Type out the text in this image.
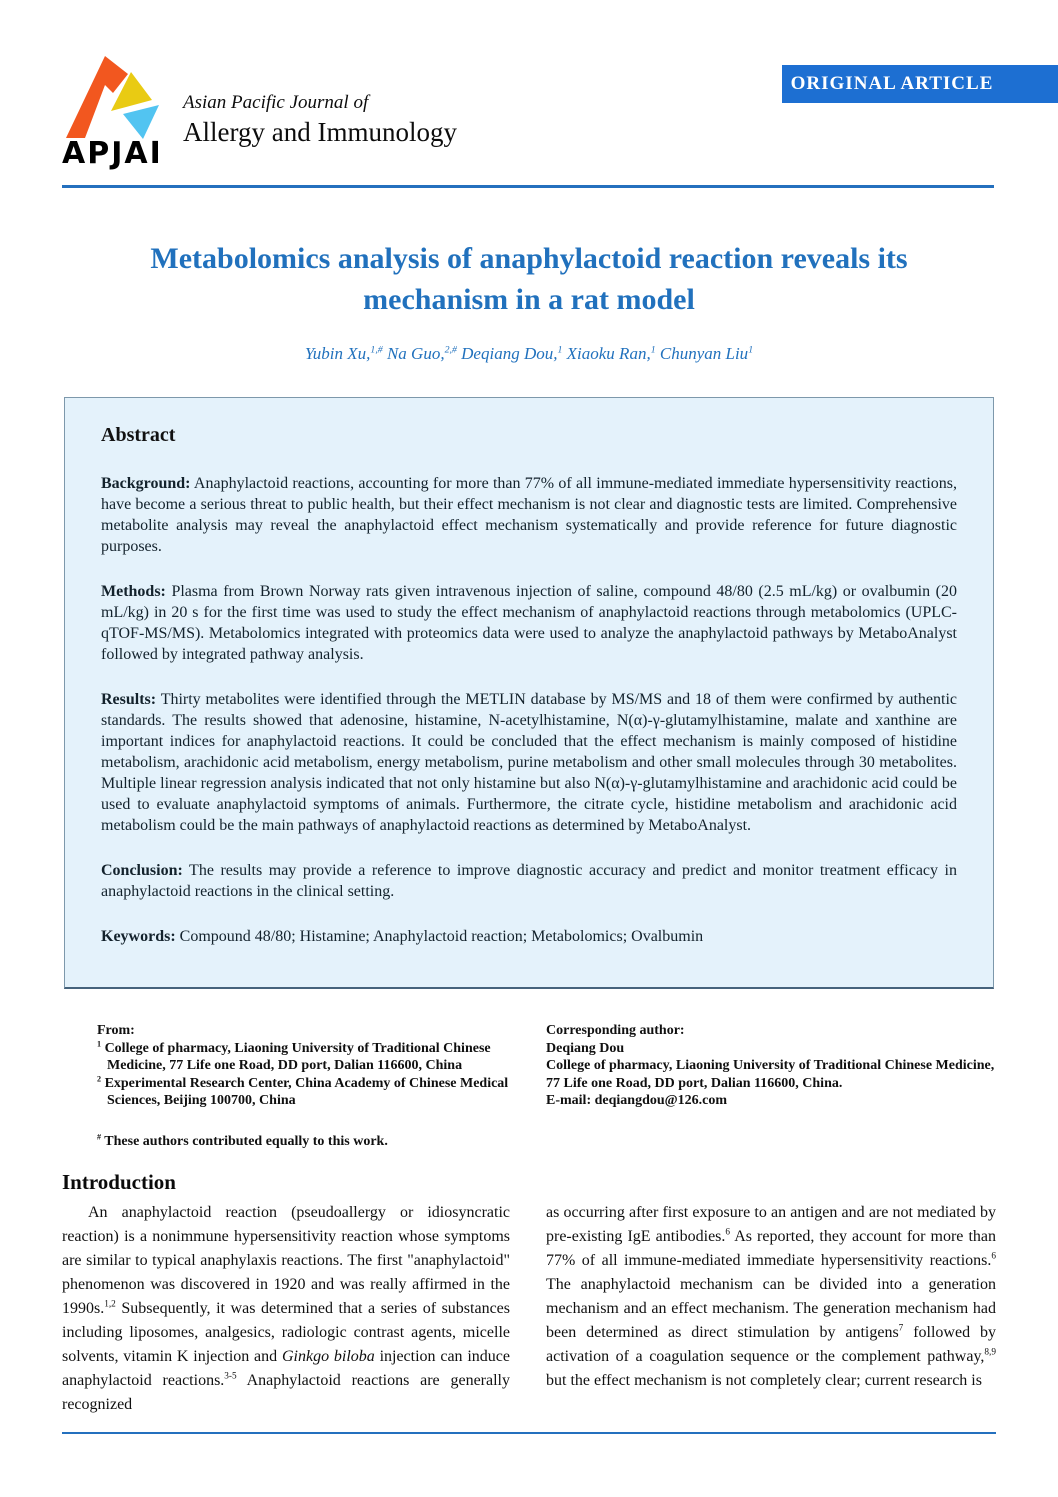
APJAI
Asian Pacific Journal of
Allergy and Immunology
ORIGINAL ARTICLE
Metabolomics analysis of anaphylactoid reaction reveals its mechanism in a rat model
Yubin Xu,$^{1,\#}$ Na Guo,$^{2,\#}$ Deqiang Dou,$^1$ Xiaoku Ran,$^1$ Chunyan Liu$^1$
Abstract

Background: Anaphylactoid reactions, accounting for more than 77% of all immune-mediated immediate hypersensitivity reactions, have become a serious threat to public health, but their effect mechanism is not clear and diagnostic tests are limited. Comprehensive metabolite analysis may reveal the anaphylactoid effect mechanism systematically and provide reference for future diagnostic purposes.

Methods: Plasma from Brown Norway rats given intravenous injection of saline, compound 48/80 (2.5 mL/kg) or ovalbumin (20 mL/kg) in 20 s for the first time was used to study the effect mechanism of anaphylactoid reactions through metabolomics (UPLC-qTOF-MS/MS). Metabolomics integrated with proteomics data were used to analyze the anaphylactoid pathways by MetaboAnalyst followed by integrated pathway analysis.

Results: Thirty metabolites were identified through the METLIN database by MS/MS and 18 of them were confirmed by authentic standards. The results showed that adenosine, histamine, N-acetylhistamine, N(α)-γ-glutamylhistamine, malate and xanthine are important indices for anaphylactoid reactions. It could be concluded that the effect mechanism is mainly composed of histidine metabolism, arachidonic acid metabolism, energy metabolism, purine metabolism and other small molecules through 30 metabolites. Multiple linear regression analysis indicated that not only histamine but also N(α)-γ-glutamylhistamine and arachidonic acid could be used to evaluate anaphylactoid symptoms of animals. Furthermore, the citrate cycle, histidine metabolism and arachidonic acid metabolism could be the main pathways of anaphylactoid reactions as determined by MetaboAnalyst.

Conclusion: The results may provide a reference to improve diagnostic accuracy and predict and monitor treatment efficacy in anaphylactoid reactions in the clinical setting.

Keywords: Compound 48/80; Histamine; Anaphylactoid reaction; Metabolomics; Ovalbumin

From:
$^1$ College of pharmacy, Liaoning University of Traditional Chinese Medicine, 77 Life one Road, DD port, Dalian 116600, China
$^2$ Experimental Research Center, China Academy of Chinese Medical Sciences, Beijing 100700, China
# These authors contributed equally to this work.
Corresponding author:
Deqiang Dou
College of pharmacy, Liaoning University of Traditional Chinese Medicine, 77 Life one Road, DD port, Dalian 116600, China.
E-mail: deqiangdou@126.com
Introduction
An anaphylactoid reaction (pseudoallergy or idiosyncratic reaction) is a nonimmune hypersensitivity reaction whose symptoms are similar to typical anaphylaxis reactions. The first "anaphylactoid" phenomenon was discovered in 1920 and was really affirmed in the 1990s.$^{1,2}$ Subsequently, it was determined that a series of substances including liposomes, analgesics, radiologic contrast agents, micelle solvents, vitamin K injection and Ginkgo biloba injection can induce anaphylactoid reactions.$^{3-5}$ Anaphylactoid reactions are generally recognized
as occurring after first exposure to an antigen and are not mediated by pre-existing IgE antibodies.$^6$ As reported, they account for more than 77% of all immune-mediated immediate hypersensitivity reactions.$^6$ The anaphylactoid mechanism can be divided into a generation mechanism and an effect mechanism. The generation mechanism had been determined as direct stimulation by antigens$^7$ followed by activation of a coagulation sequence or the complement pathway,$^{8,9}$ but the effect mechanism is not completely clear; current research is
